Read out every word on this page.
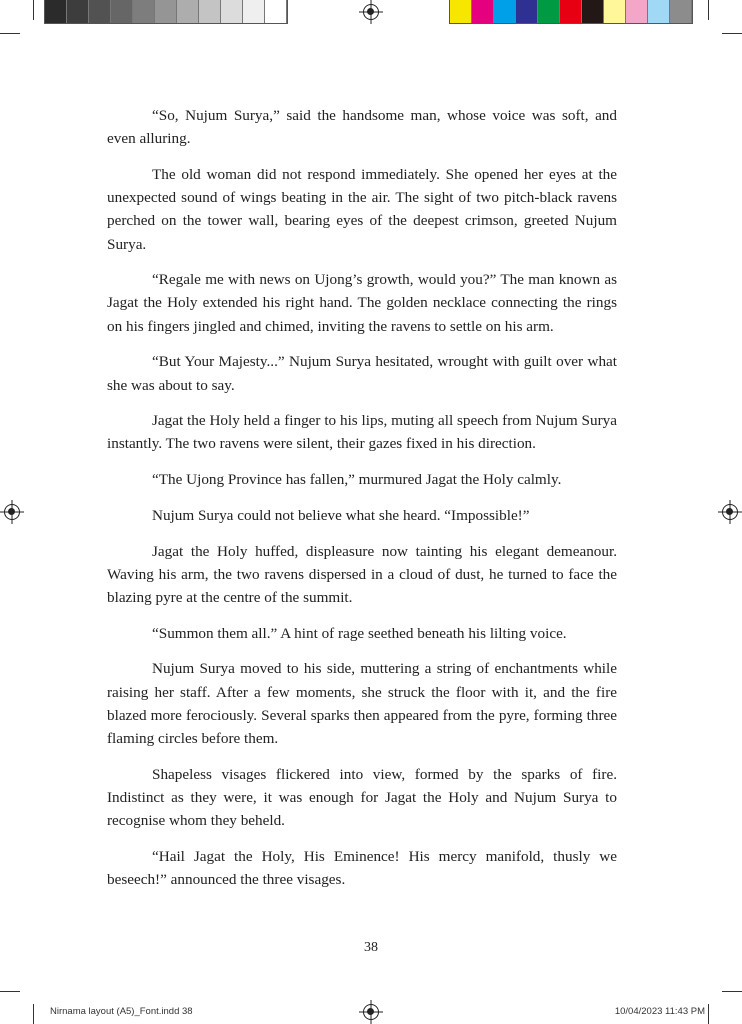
“So, Nujum Surya,” said the handsome man, whose voice was soft, and even alluring.

The old woman did not respond immediately. She opened her eyes at the unexpected sound of wings beating in the air. The sight of two pitch-black ravens perched on the tower wall, bearing eyes of the deepest crimson, greeted Nujum Surya.

“Regale me with news on Ujong’s growth, would you?” The man known as Jagat the Holy extended his right hand. The golden necklace connecting the rings on his fingers jingled and chimed, inviting the ravens to settle on his arm.

“But Your Majesty...” Nujum Surya hesitated, wrought with guilt over what she was about to say.

Jagat the Holy held a finger to his lips, muting all speech from Nujum Surya instantly. The two ravens were silent, their gazes fixed in his direction.

“The Ujong Province has fallen,” murmured Jagat the Holy calmly.

Nujum Surya could not believe what she heard. “Impossible!”

Jagat the Holy huffed, displeasure now tainting his elegant demeanour. Waving his arm, the two ravens dispersed in a cloud of dust, he turned to face the blazing pyre at the centre of the summit.

“Summon them all.” A hint of rage seethed beneath his lilting voice.

Nujum Surya moved to his side, muttering a string of enchantments while raising her staff. After a few moments, she struck the floor with it, and the fire blazed more ferociously. Several sparks then appeared from the pyre, forming three flaming circles before them.

Shapeless visages flickered into view, formed by the sparks of fire. Indistinct as they were, it was enough for Jagat the Holy and Nujum Surya to recognise whom they beheld.

“Hail Jagat the Holy, His Eminence! His mercy manifold, thusly we beseech!” announced the three visages.

38
Nirnama layout (A5)_Font.indd 38	10/04/2023 11:43 PM
